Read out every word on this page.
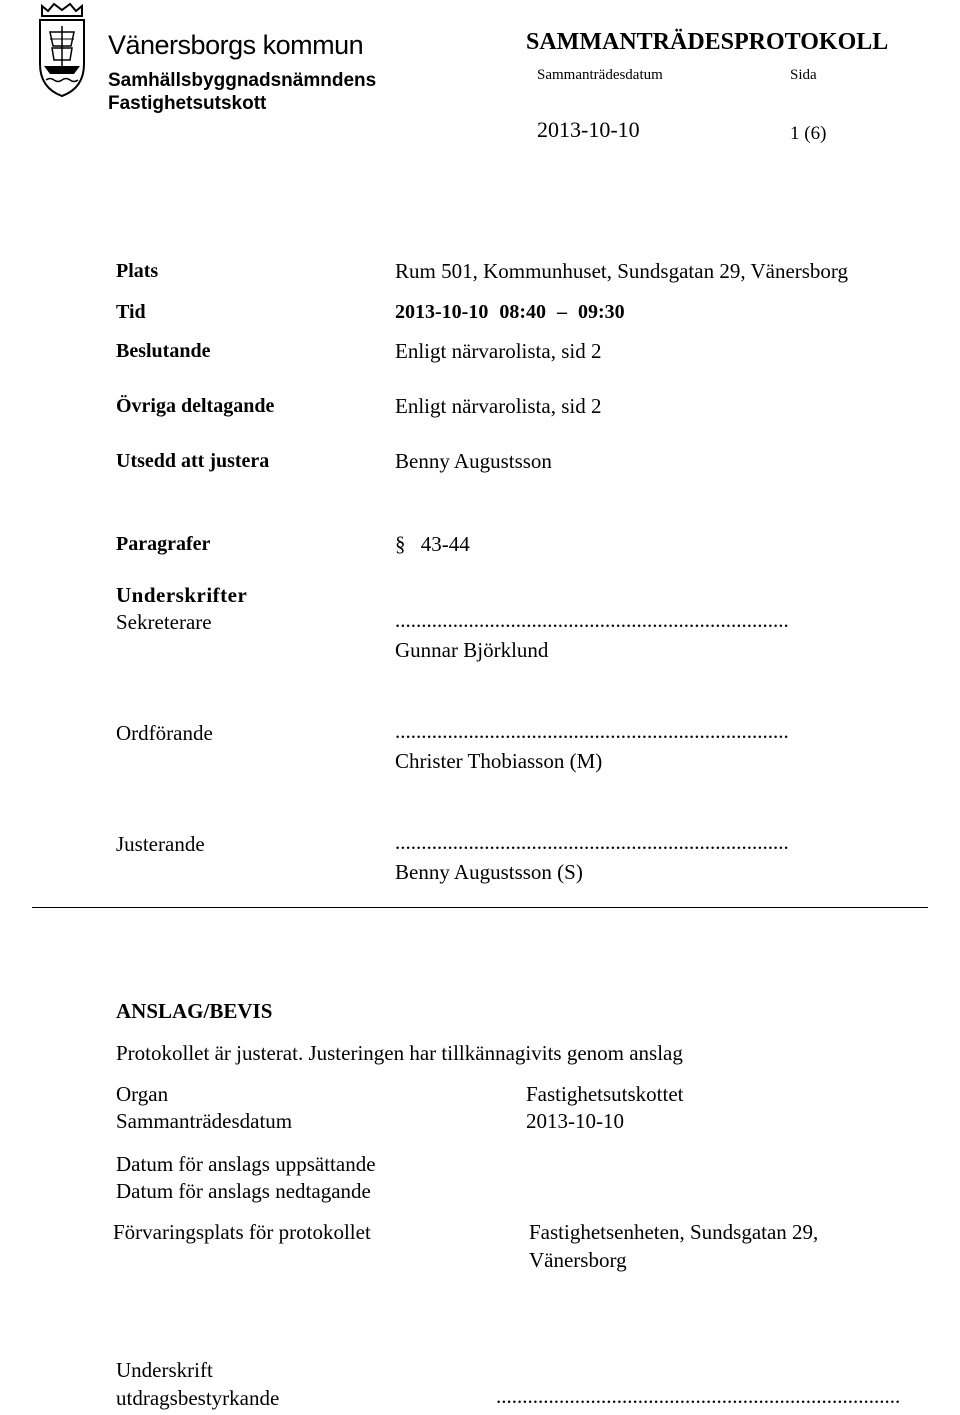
Vänersborgs kommun
Samhällsbyggnadsnämndens
Fastighetsutskott
SAMMANTRÄDESPROTOKOLL
Sammanträdesdatum	Sida
2013-10-10	1 (6)
Plats	Rum 501, Kommunhuset, Sundsgatan 29, Vänersborg
Tid	2013-10-10 08:40 – 09:30
Beslutande	Enligt närvarolista, sid 2
Övriga deltagande	Enligt närvarolista, sid 2
Utsedd att justera	Benny Augustsson
Paragrafer	§ 43-44
Underskrifter
Sekreterare	...........................................................................
Gunnar Björklund
Ordförande	...........................................................................
Christer Thobiasson (M)
Justerande	...........................................................................
Benny Augustsson (S)
ANSLAG/BEVIS
Protokollet är justerat. Justeringen har tillkännagivits genom anslag
Organ	Fastighetsutskottet
Sammanträdesdatum	2013-10-10
Datum för anslags uppsättande
Datum för anslags nedtagande
Förvaringsplats för protokollet	Fastighetsenheten, Sundsgatan 29,
Vänersborg
Underskrift
utdragsbestyrkande	.............................................................................
